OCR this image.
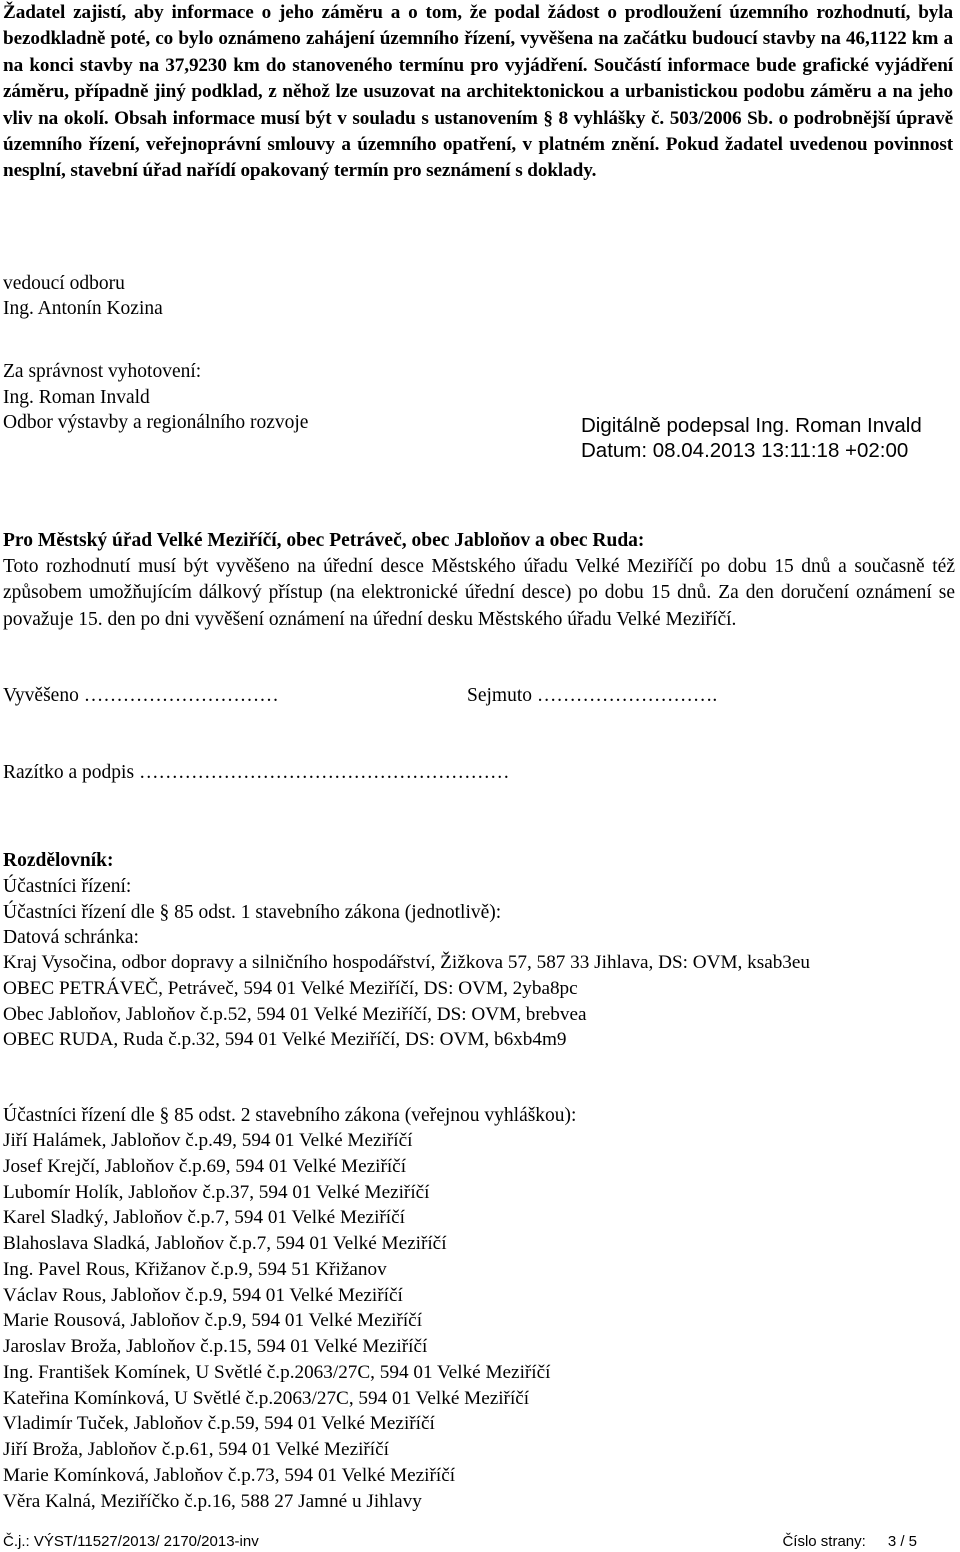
Žadatel zajistí, aby informace o jeho záměru a o tom, že podal žádost o prodloužení územního rozhodnutí, byla bezodkladně poté, co bylo oznámeno zahájení územního řízení, vyvěšena na začátku budoucí stavby na 46,1122 km a na konci stavby na 37,9230 km do stanoveného termínu pro vyjádření. Součástí informace bude grafické vyjádření záměru, případně jiný podklad, z něhož lze usuzovat na architektonickou a urbanistickou podobu záměru a na jeho vliv na okolí. Obsah informace musí být v souladu s ustanovením § 8 vyhlášky č. 503/2006 Sb. o podrobnější úpravě územního řízení, veřejnoprávní smlouvy a územního opatření, v platném znění. Pokud žadatel uvedenou povinnost nesplní, stavební úřad nařídí opakovaný termín pro seznámení s doklady.

vedoucí odboru
Ing. Antonín Kozina
Za správnost vyhotovení:
Ing. Roman Invald
Odbor výstavby a regionálního rozvoje	Digitálně podepsal Ing. Roman Invald
Datum: 08.04.2013 13:11:18 +02:00

Pro Městský úřad Velké Meziříčí, obec Petráveč, obec Jabloňov a obec Ruda:

Toto rozhodnutí musí být vyvěšeno na úřední desce Městského úřadu Velké Meziříčí po dobu 15 dnů a současně též způsobem umožňujícím dálkový přístup (na elektronické úřední desce) po dobu 15 dnů. Za den doručení oznámení se považuje 15. den po dni vyvěšení oznámení na úřední desku Městského úřadu Velké Meziříčí.

Vyvěšeno …………………………	Sejmuto ……………………….
Razítko a podpis …………………………………………………
Rozdělovník:
Účastníci řízení:
Účastníci řízení dle § 85 odst. 1 stavebního zákona (jednotlivě):
Datová schránka:
Kraj Vysočina, odbor dopravy a silničního hospodářství, Žižkova 57, 587 33 Jihlava, DS: OVM, ksab3eu
OBEC PETRÁVEČ, Petráveč, 594 01 Velké Meziříčí, DS: OVM, 2yba8pc
Obec Jabloňov, Jabloňov č.p.52, 594 01 Velké Meziříčí, DS: OVM, brebvea
OBEC RUDA, Ruda č.p.32, 594 01 Velké Meziříčí, DS: OVM, b6xb4m9
Účastníci řízení dle § 85 odst. 2 stavebního zákona (veřejnou vyhláškou):
Jiří Halámek, Jabloňov č.p.49, 594 01 Velké Meziříčí
Josef Krejčí, Jabloňov č.p.69, 594 01 Velké Meziříčí
Lubomír Holík, Jabloňov č.p.37, 594 01 Velké Meziříčí
Karel Sladký, Jabloňov č.p.7, 594 01 Velké Meziříčí
Blahoslava Sladká, Jabloňov č.p.7, 594 01 Velké Meziříčí
Ing. Pavel Rous, Křižanov č.p.9, 594 51 Křižanov
Václav Rous, Jabloňov č.p.9, 594 01 Velké Meziříčí
Marie Rousová, Jabloňov č.p.9, 594 01 Velké Meziříčí
Jaroslav Broža, Jabloňov č.p.15, 594 01 Velké Meziříčí
Ing. František Komínek, U Světlé č.p.2063/27C, 594 01 Velké Meziříčí
Kateřina Komínková, U Světlé č.p.2063/27C, 594 01 Velké Meziříčí
Vladimír Tuček, Jabloňov č.p.59, 594 01 Velké Meziříčí
Jiří Broža, Jabloňov č.p.61, 594 01 Velké Meziříčí
Marie Komínková, Jabloňov č.p.73, 594 01 Velké Meziříčí
Věra Kalná, Meziříčko č.p.16, 588 27 Jamné u Jihlavy
Č.j.: VÝST/11527/2013/ 2170/2013-inv	Číslo strany: 3 / 5
